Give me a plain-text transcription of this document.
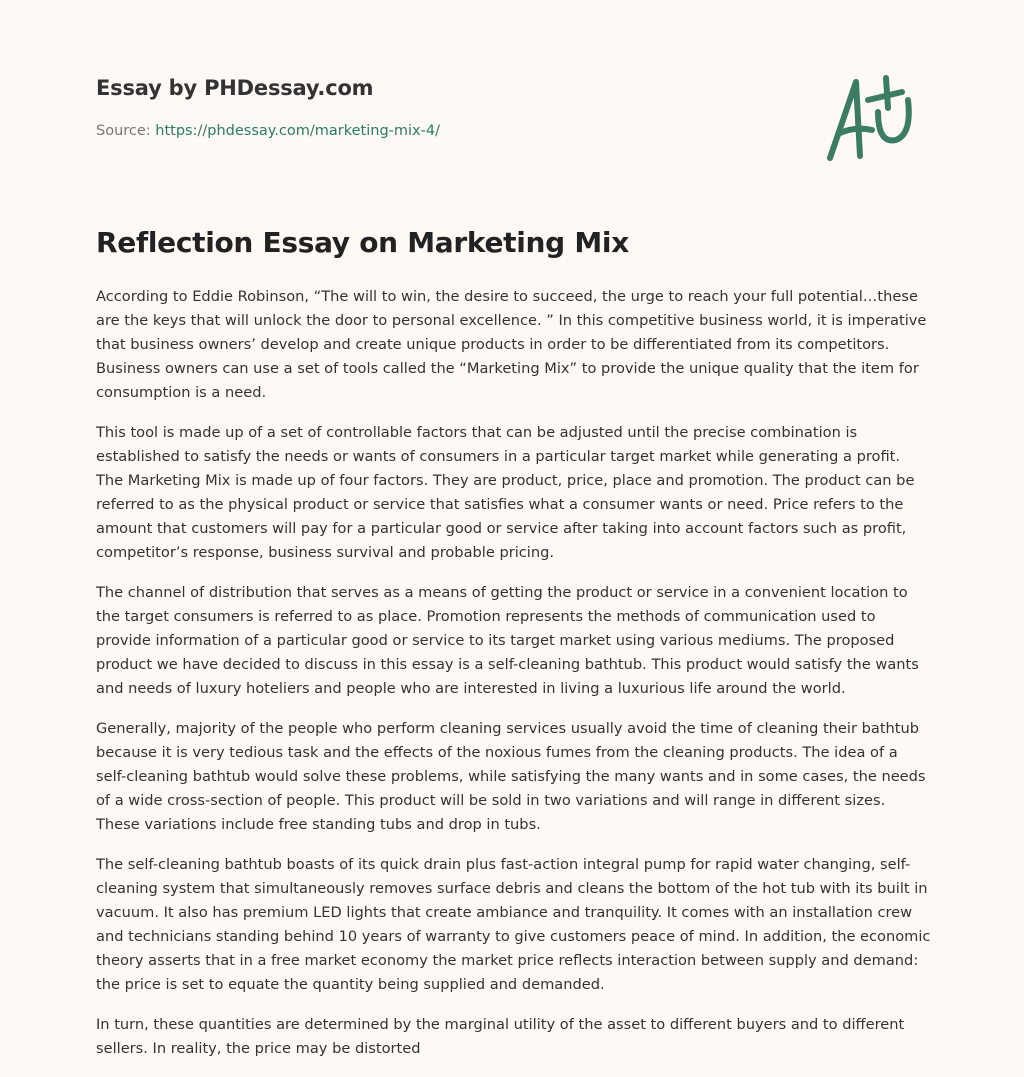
Essay by PHDessay.com

Source: https://phdessay.com/marketing-mix-4/
Reflection Essay on Marketing Mix

According to Eddie Robinson, “The will to win, the desire to succeed, the urge to reach your full potential…these are the keys that will unlock the door to personal excellence. ” In this competitive business world, it is imperative that business owners’ develop and create unique products in order to be differentiated from its competitors. Business owners can use a set of tools called the “Marketing Mix” to provide the unique quality that the item for consumption is a need.

This tool is made up of a set of controllable factors that can be adjusted until the precise combination is established to satisfy the needs or wants of consumers in a particular target market while generating a profit. The Marketing Mix is made up of four factors. They are product, price, place and promotion. The product can be referred to as the physical product or service that satisfies what a consumer wants or need. Price refers to the amount that customers will pay for a particular good or service after taking into account factors such as profit, competitor’s response, business survival and probable pricing.

The channel of distribution that serves as a means of getting the product or service in a convenient location to the target consumers is referred to as place. Promotion represents the methods of communication used to provide information of a particular good or service to its target market using various mediums. The proposed product we have decided to discuss in this essay is a self-cleaning bathtub. This product would satisfy the wants and needs of luxury hoteliers and people who are interested in living a luxurious life around the world.

Generally, majority of the people who perform cleaning services usually avoid the time of cleaning their bathtub because it is very tedious task and the effects of the noxious fumes from the cleaning products. The idea of a self-cleaning bathtub would solve these problems, while satisfying the many wants and in some cases, the needs of a wide cross-section of people. This product will be sold in two variations and will range in different sizes. These variations include free standing tubs and drop in tubs.

The self-cleaning bathtub boasts of its quick drain plus fast-action integral pump for rapid water changing, self-cleaning system that simultaneously removes surface debris and cleans the bottom of the hot tub with its built in vacuum. It also has premium LED lights that create ambiance and tranquility. It comes with an installation crew and technicians standing behind 10 years of warranty to give customers peace of mind. In addition, the economic theory asserts that in a free market economy the market price reflects interaction between supply and demand: the price is set to equate the quantity being supplied and demanded.

In turn, these quantities are determined by the marginal utility of the asset to different buyers and to different sellers. In reality, the price may be distorted
